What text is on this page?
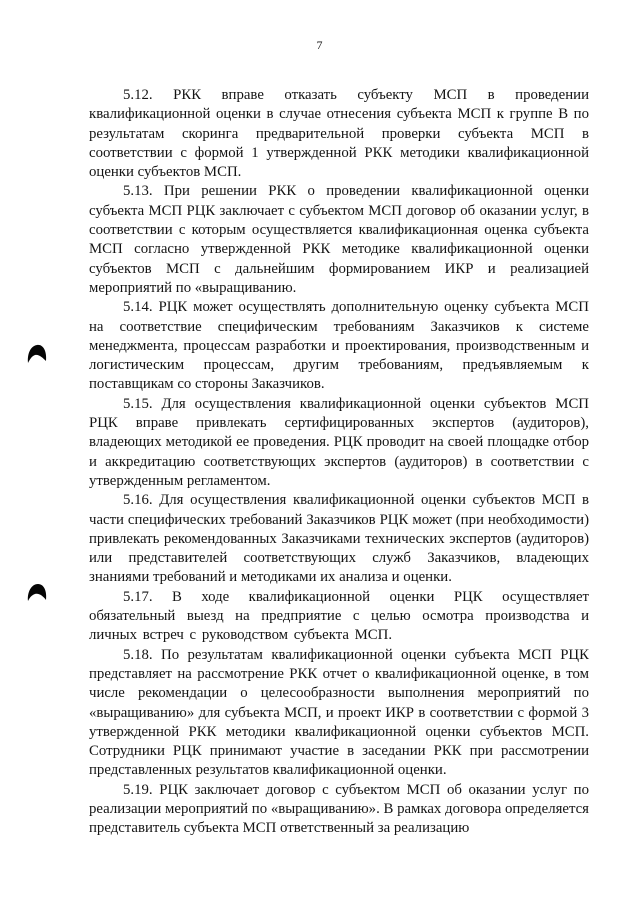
7

5.12. РКК вправе отказать субъекту МСП в проведении квалификационной оценки в случае отнесения субъекта МСП к группе В по результатам скоринга предварительной проверки субъекта МСП в соответствии с формой 1 утвержденной РКК методики квалификационной оценки субъектов МСП.

5.13. При решении РКК о проведении квалификационной оценки субъекта МСП РЦК заключает с субъектом МСП договор об оказании услуг, в соответствии с которым осуществляется квалификационная оценка субъекта МСП согласно утвержденной РКК методике квалификационной оценки субъектов МСП с дальнейшим формированием ИКР и реализацией мероприятий по «выращиванию.

5.14. РЦК может осуществлять дополнительную оценку субъекта МСП на соответствие специфическим требованиям Заказчиков к системе менеджмента, процессам разработки и проектирования, производственным и логистическим процессам, другим требованиям, предъявляемым к поставщикам со стороны Заказчиков.

5.15. Для осуществления квалификационной оценки субъектов МСП РЦК вправе привлекать сертифицированных экспертов (аудиторов), владеющих методикой ее проведения. РЦК проводит на своей площадке отбор и аккредитацию соответствующих экспертов (аудиторов) в соответствии с утвержденным регламентом.

5.16. Для осуществления квалификационной оценки субъектов МСП в части специфических требований Заказчиков РЦК может (при необходимости) привлекать рекомендованных Заказчиками технических экспертов (аудиторов) или представителей соответствующих служб Заказчиков, владеющих знаниями требований и методиками их анализа и оценки.

5.17. В ходе квалификационной оценки РЦК осуществляет обязательный выезд на предприятие с целью осмотра производства и личных встреч с руководством субъекта МСП.

5.18. По результатам квалификационной оценки субъекта МСП РЦК представляет на рассмотрение РКК отчет о квалификационной оценке, в том числе рекомендации о целесообразности выполнения мероприятий по «выращиванию» для субъекта МСП, и проект ИКР в соответствии с формой 3 утвержденной РКК методики квалификационной оценки субъектов МСП. Сотрудники РЦК принимают участие в заседании РКК при рассмотрении представленных результатов квалификационной оценки.

5.19. РЦК заключает договор с субъектом МСП об оказании услуг по реализации мероприятий по «выращиванию». В рамках договора определяется представитель субъекта МСП ответственный за реализацию
